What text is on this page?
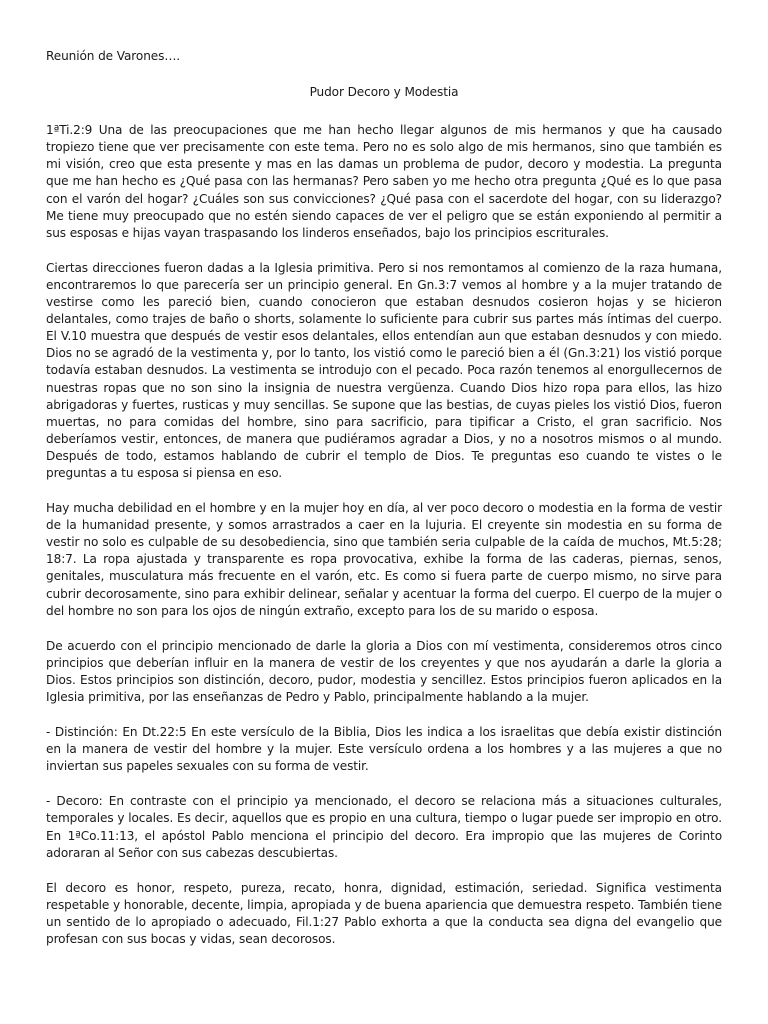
Reunión de Varones….
Pudor Decoro y Modestia

1ªTi.2:9 Una de las preocupaciones que me han hecho llegar algunos de mis hermanos y que ha causado tropiezo tiene que ver precisamente con este tema. Pero no es solo algo de mis hermanos, sino que también es mi visión, creo que esta presente y mas en las damas un problema de pudor, decoro y modestia. La pregunta que me han hecho es ¿Qué pasa con las hermanas? Pero saben yo me hecho otra pregunta ¿Qué es lo que pasa con el varón del hogar? ¿Cuáles son sus convicciones? ¿Qué pasa con el sacerdote del hogar, con su liderazgo? Me tiene muy preocupado que no estén siendo capaces de ver el peligro que se están exponiendo al permitir a sus esposas e hijas vayan traspasando los linderos enseñados, bajo los principios escriturales.

Ciertas direcciones fueron dadas a la Iglesia primitiva. Pero si nos remontamos al comienzo de la raza humana, encontraremos lo que parecería ser un principio general. En Gn.3:7 vemos al hombre y a la mujer tratando de vestirse como les pareció bien, cuando conocieron que estaban desnudos cosieron hojas y se hicieron delantales, como trajes de baño o shorts, solamente lo suficiente para cubrir sus partes más íntimas del cuerpo. El V.10 muestra que después de vestir esos delantales, ellos entendían aun que estaban desnudos y con miedo. Dios no se agradó de la vestimenta y, por lo tanto, los vistió como le pareció bien a él (Gn.3:21) los vistió porque todavía estaban desnudos. La vestimenta se introdujo con el pecado. Poca razón tenemos al enorgullecernos de nuestras ropas que no son sino la insignia de nuestra vergüenza. Cuando Dios hizo ropa para ellos, las hizo abrigadoras y fuertes, rusticas y muy sencillas. Se supone que las bestias, de cuyas pieles los vistió Dios, fueron muertas, no para comidas del hombre, sino para sacrificio, para tipificar a Cristo, el gran sacrificio. Nos deberíamos vestir, entonces, de manera que pudiéramos agradar a Dios, y no a nosotros mismos o al mundo. Después de todo, estamos hablando de cubrir el templo de Dios. Te preguntas eso cuando te vistes o le preguntas a tu esposa si piensa en eso.

Hay mucha debilidad en el hombre y en la mujer hoy en día, al ver poco decoro o modestia en la forma de vestir de la humanidad presente, y somos arrastrados a caer en la lujuria. El creyente sin modestia en su forma de vestir no solo es culpable de su desobediencia, sino que también seria culpable de la caída de muchos, Mt.5:28; 18:7. La ropa ajustada y transparente es ropa provocativa, exhibe la forma de las caderas, piernas, senos, genitales, musculatura más frecuente en el varón, etc. Es como si fuera parte de cuerpo mismo, no sirve para cubrir decorosamente, sino para exhibir delinear, señalar y acentuar la forma del cuerpo. El cuerpo de la mujer o del hombre no son para los ojos de ningún extraño, excepto para los de su marido o esposa.

De acuerdo con el principio mencionado de darle la gloria a Dios con mí vestimenta, consideremos otros cinco principios que deberían influir en la manera de vestir de los creyentes y que nos ayudarán a darle la gloria a Dios. Estos principios son distinción, decoro, pudor, modestia y sencillez. Estos principios fueron aplicados en la Iglesia primitiva, por las enseñanzas de Pedro y Pablo, principalmente hablando a la mujer.

- Distinción: En Dt.22:5 En este versículo de la Biblia, Dios les indica a los israelitas que debía existir distinción en la manera de vestir del hombre y la mujer. Este versículo ordena a los hombres y a las mujeres a que no inviertan sus papeles sexuales con su forma de vestir.

- Decoro: En contraste con el principio ya mencionado, el decoro se relaciona más a situaciones culturales, temporales y locales. Es decir, aquellos que es propio en una cultura, tiempo o lugar puede ser impropio en otro. En 1ªCo.11:13, el apóstol Pablo menciona el principio del decoro. Era impropio que las mujeres de Corinto adoraran al Señor con sus cabezas descubiertas.

El decoro es honor, respeto, pureza, recato, honra, dignidad, estimación, seriedad. Significa vestimenta respetable y honorable, decente, limpia, apropiada y de buena apariencia que demuestra respeto. También tiene un sentido de lo apropiado o adecuado, Fil.1:27 Pablo exhorta a que la conducta sea digna del evangelio que profesan con sus bocas y vidas, sean decorosos.
